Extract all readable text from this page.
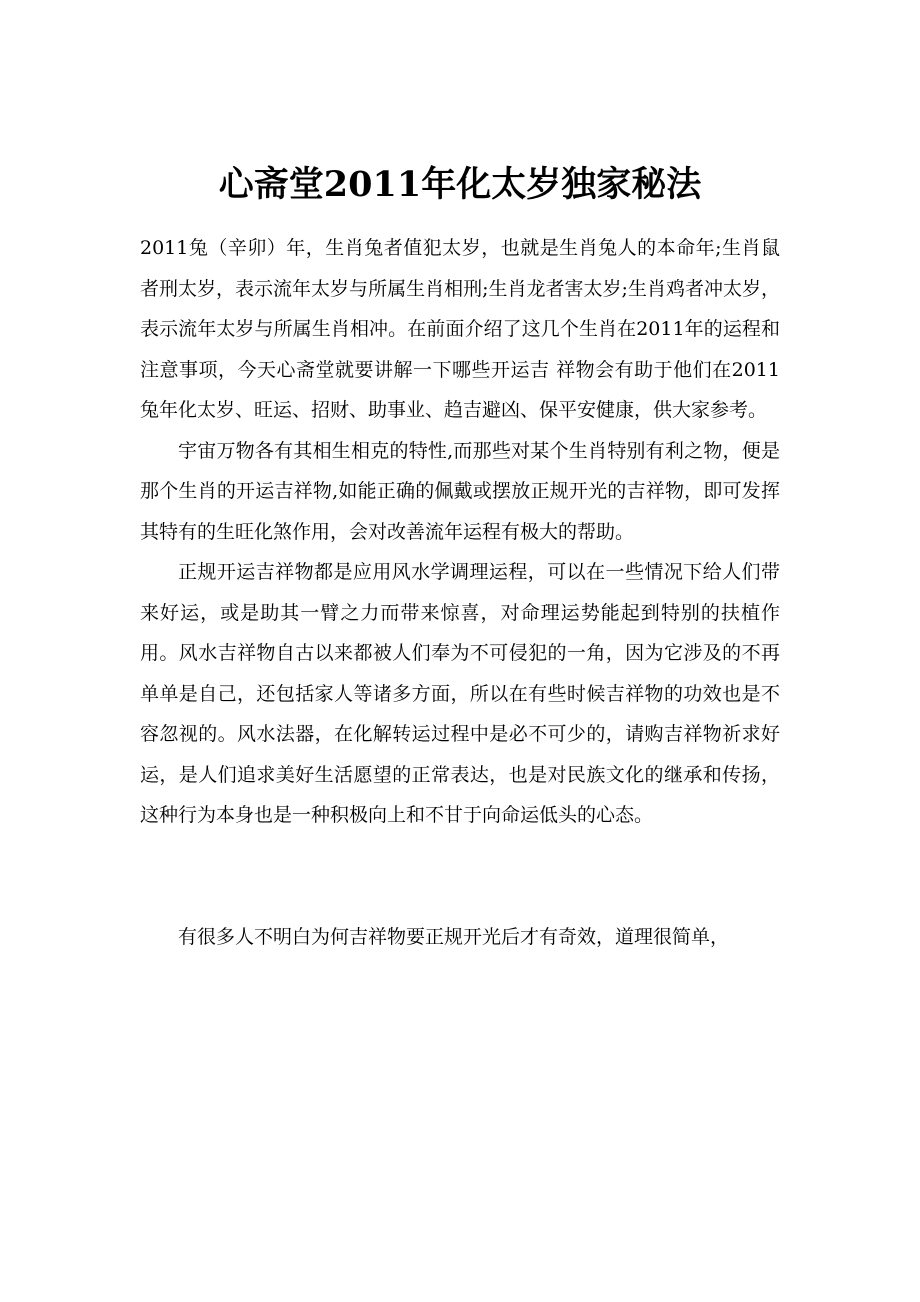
心斋堂2011年化太岁独家秘法

2011兔（辛卯）年，生肖兔者值犯太岁，也就是生肖兔人的本命年;生肖鼠者刑太岁，表示流年太岁与所属生肖相刑;生肖龙者害太岁;生肖鸡者冲太岁，表示流年太岁与所属生肖相冲。在前面介绍了这几个生肖在2011年的运程和注意事项，今天心斋堂就要讲解一下哪些开运吉 祥物会有助于他们在2011兔年化太岁、旺运、招财、助事业、趋吉避凶、保平安健康，供大家参考。

宇宙万物各有其相生相克的特性,而那些对某个生肖特别有利之物，便是那个生肖的开运吉祥物,如能正确的佩戴或摆放正规开光的吉祥物，即可发挥其特有的生旺化煞作用，会对改善流年运程有极大的帮助。

正规开运吉祥物都是应用风水学调理运程，可以在一些情况下给人们带来好运，或是助其一臂之力而带来惊喜，对命理运势能起到特别的扶植作用。风水吉祥物自古以来都被人们奉为不可侵犯的一角，因为它涉及的不再单单是自己，还包括家人等诸多方面，所以在有些时候吉祥物的功效也是不容忽视的。风水法器，在化解转运过程中是必不可少的，请购吉祥物祈求好运，是人们追求美好生活愿望的正常表达，也是对民族文化的继承和传扬，这种行为本身也是一种积极向上和不甘于向命运低头的心态。

有很多人不明白为何吉祥物要正规开光后才有奇效，道理很简单，
